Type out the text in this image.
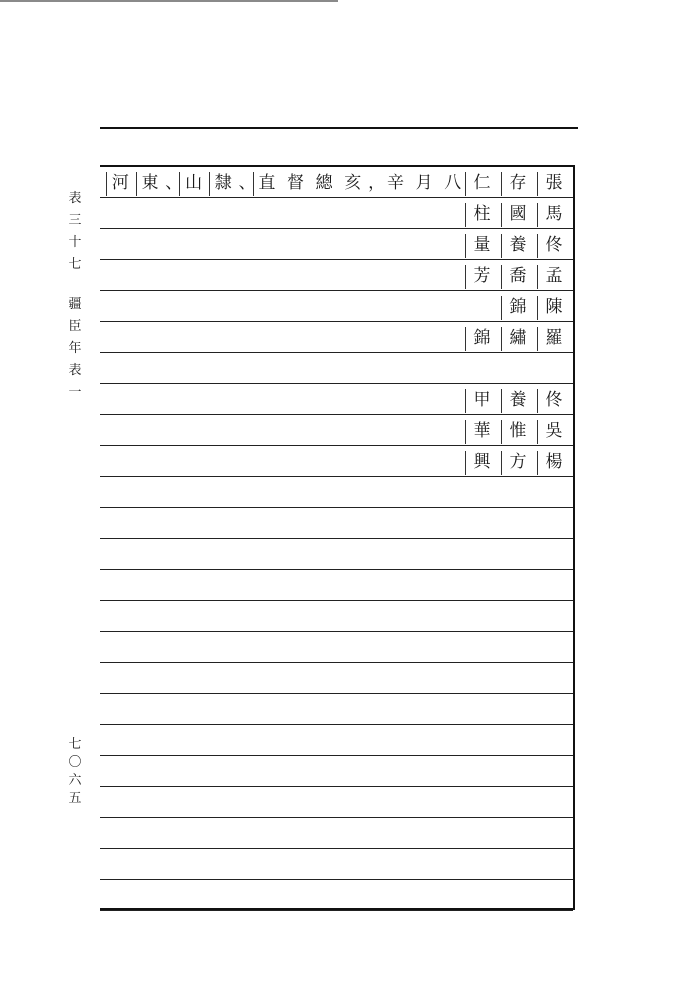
表
三
十
七
疆
臣
年
表
一
七
〇
六
五
張
存
仁
河 東 、 山 隸 、 直 督 總 亥 ， 辛 月 八
馬
國
柱
佟
養
量
孟
喬
芳
陳
錦
羅
繡
錦
佟
養
甲
吳
惟
華
楊
方
興
